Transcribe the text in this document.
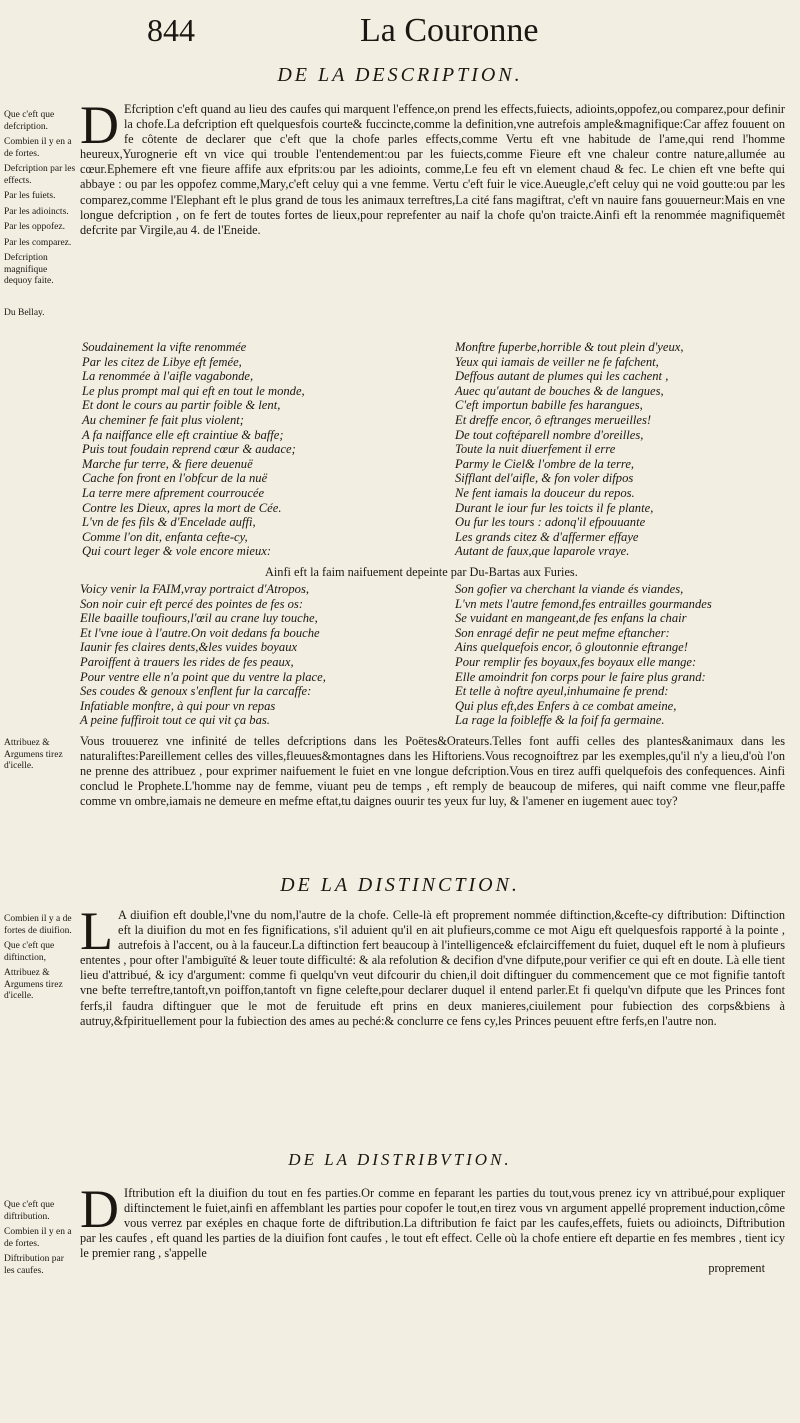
844	La Couronne
DE LA DESCRIPTION.
Que c'eft que defcription.
Combien il y en a de fortes.
Defcription par les effects.
Par les fuiets.
Par les adioincts.
Par les oppofez.
Par les comparez.
Defcription magnifique dequoy faite.
Du Bellay.
D Efcription c'eft quand au lieu des caufes qui marquent l'effence,on prend les effects,fuiects, adioints,oppofez,ou comparez,pour definir la chofe.La defcription eft quelquesfois courte& fuccincte,comme la definition,vne autrefois ample&magnifique:Car affez fouuent on fe côtente de declarer que c'eft que la chofe parles effects,comme Vertu eft vne habitude de l'ame,qui rend l'homme heureux,Yurognerie eft vn vice qui trouble l'entendement:ou par les fuiects,comme Fieure eft vne chaleur contre nature,allumée au cœur.Ephemere eft vne fieure affife aux efprits:ou par les adioints, comme,Le feu eft vn element chaud & fec. Le chien eft vne befte qui abbaye : ou par les oppofez comme,Mary,c'eft celuy qui a vne femme. Vertu c'eft fuir le vice.Aueugle,c'eft celuy qui ne void goutte:ou par les comparez,comme l'Elephant eft le plus grand de tous les animaux terreftres,La cité fans magiftrat, c'eft vn nauire fans gouuerneur:Mais en vne longue defcription , on fe fert de toutes fortes de lieux,pour reprefenter au naif la chofe qu'on traicte.Ainfi eft la renommée magnifiquemêt defcrite par Virgile,au 4. de l'Eneide.
Soudainement la vifte renommée
Par les citez de Libye eft femée,
La renommée à l'aifle vagabonde,
Le plus prompt mal qui eft en tout le monde,
Et dont le cours au partir foible & lent,
Au cheminer fe fait plus violent;
A fa naiffance elle eft craintiue & baffe;
Puis tout foudain reprend cœur & audace;
Marche fur terre, & fiere deuenuë
Cache fon front en l'obfcur de la nuë
La terre mere afprement courroucée
Contre les Dieux, apres la mort de Cée.
L'vn de fes fils & d'Encelade auffi,
Comme l'on dit, enfanta cefte-cy,
Qui court leger & vole encore mieux:
Monftre fuperbe,horrible & tout plein d'yeux,
Yeux qui iamais de veiller ne fe fafchent,
Deffous autant de plumes qui les cachent ,
Auec qu'autant de bouches & de langues,
C'eft importun babille fes harangues,
Et dreffe encor, ô eftranges merueilles!
De tout coftéparell nombre d'oreilles,
Toute la nuit diuerfement il erre
Parmy le Ciel& l'ombre de la terre,
Sifflant del'aifle, & fon voler difpos
Ne fent iamais la douceur du repos.
Durant le iour fur les toicts il fe plante,
Ou fur les tours : adonq'il efpouuante
Les grands citez & d'affermer effaye
Autant de faux,que laparole vraye.
Ainfi eft la faim naifuement depeinte par Du-Bartas aux Furies.
Voicy venir la FAIM,vray portraict d'Atropos,	Son gofier va cherchant la viande és viandes,
Son noir cuir eft percé des pointes de fes os:	L'vn mets l'autre femond,fes entrailles gourmandes
Elle baaille toufiours,l'œil au crane luy touche,	Se vuidant en mangeant,de fes enfans la chair
Et l'vne ioue à l'autre.On voit dedans fa bouche	Son enragé defir ne peut mefme eftancher:
Iaunir fes claires dents,&les vuides boyaux	Ains quelquefois encor, ô gloutonnie eftrange!
Paroiffent à trauers les rides de fes peaux,	Pour remplir fes boyaux,fes boyaux elle mange:
Pour ventre elle n'a point que du ventre la place,	Elle amoindrit fon corps pour le faire plus grand:
Ses coudes & genoux s'enflent fur la carcaffe:	Et telle à noftre ayeul,inhumaine fe prend:
Infatiable monftre, à qui pour vn repas	Qui plus eft,des Enfers à ce combat ameine,
A peine fuffiroit tout ce qui vit ça bas.	La rage la foibleffe & la foif fa germaine.
Attribuez & Argumens tirez d'icelle.
Vous trouuerez vne infinité de telles defcriptions dans les Poëtes&Orateurs.Telles font auffi celles des plantes&animaux dans les naturaliftes:Pareillement celles des villes,fleuues&montagnes dans les Hiftoriens.Vous recognoiftrez par les exemples,qu'il n'y a lieu,d'où l'on ne prenne des attribuez , pour exprimer naifuement le fuiet en vne longue defcription.Vous en tirez auffi quelquefois des confequences. Ainfi conclud le Prophete.L'homme nay de femme, viuant peu de temps , eft remply de beaucoup de miferes, qui naift comme vne fleur,paffe comme vn ombre,iamais ne demeure en mefme eftat,tu daignes ouurir tes yeux fur luy, & l'amener en iugement auec toy?
DE LA DISTINCTION.
Combien il y a de fortes de diuifion.
Que c'eft que diftinction,
Attribuez & Argumens tirez d'icelle.
L A diuifion eft double,l'vne du nom,l'autre de la chofe. Celle-là eft proprement nommée diftinction,&cefte-cy diftribution: Diftinction eft la diuifion du mot en fes fignifications, s'il aduient qu'il en ait plufieurs,comme ce mot Aigu eft quelquesfois rapporté à la pointe , autrefois à l'accent, ou à la fauceur.La diftinction fert beaucoup à l'intelligence& efclairciffement du fuiet, duquel eft le nom à plufieurs ententes , pour ofter l'ambiguïté & leuer toute difficulté: & ala refolution & decifion d'vne difpute,pour verifier ce qui eft en doute. Là elle tient lieu d'attribué, & icy d'argument: comme fi quelqu'vn veut difcourir du chien,il doit diftinguer du commencement que ce mot fignifie tantoft vne befte terreftre,tantoft,vn poiffon,tantoft vn figne celefte,pour declarer duquel il entend parler.Et fi quelqu'vn difpute que les Princes font ferfs,il faudra diftinguer que le mot de feruitude eft prins en deux manieres,ciuilement pour fubiection des corps&biens à autruy,&fpirituellement pour la fubiection des ames au peché:& conclurre ce fens cy,les Princes peuuent eftre ferfs,en l'autre non.
DE LA DISTRIBVTION.
Que c'eft que diftribution.
Combien il y en a de fortes.
Diftribution par les caufes.
D Iftribution eft la diuifion du tout en fes parties.Or comme en feparant les parties du tout,vous prenez icy vn attribué,pour expliquer diftinctement le fuiet,ainfi en affemblant les parties pour copofer le tout,en tirez vous vn argument appellé proprement induction,côme vous verrez par exéples en chaque forte de diftribution.La diftribution fe faict par les caufes,effets, fuiets ou adioincts, Diftribution par les caufes , eft quand les parties de la diuifion font caufes , le tout eft effect. Celle où la chofe entiere eft departie en fes membres , tient icy le premier rang , s'appelle

proprement
